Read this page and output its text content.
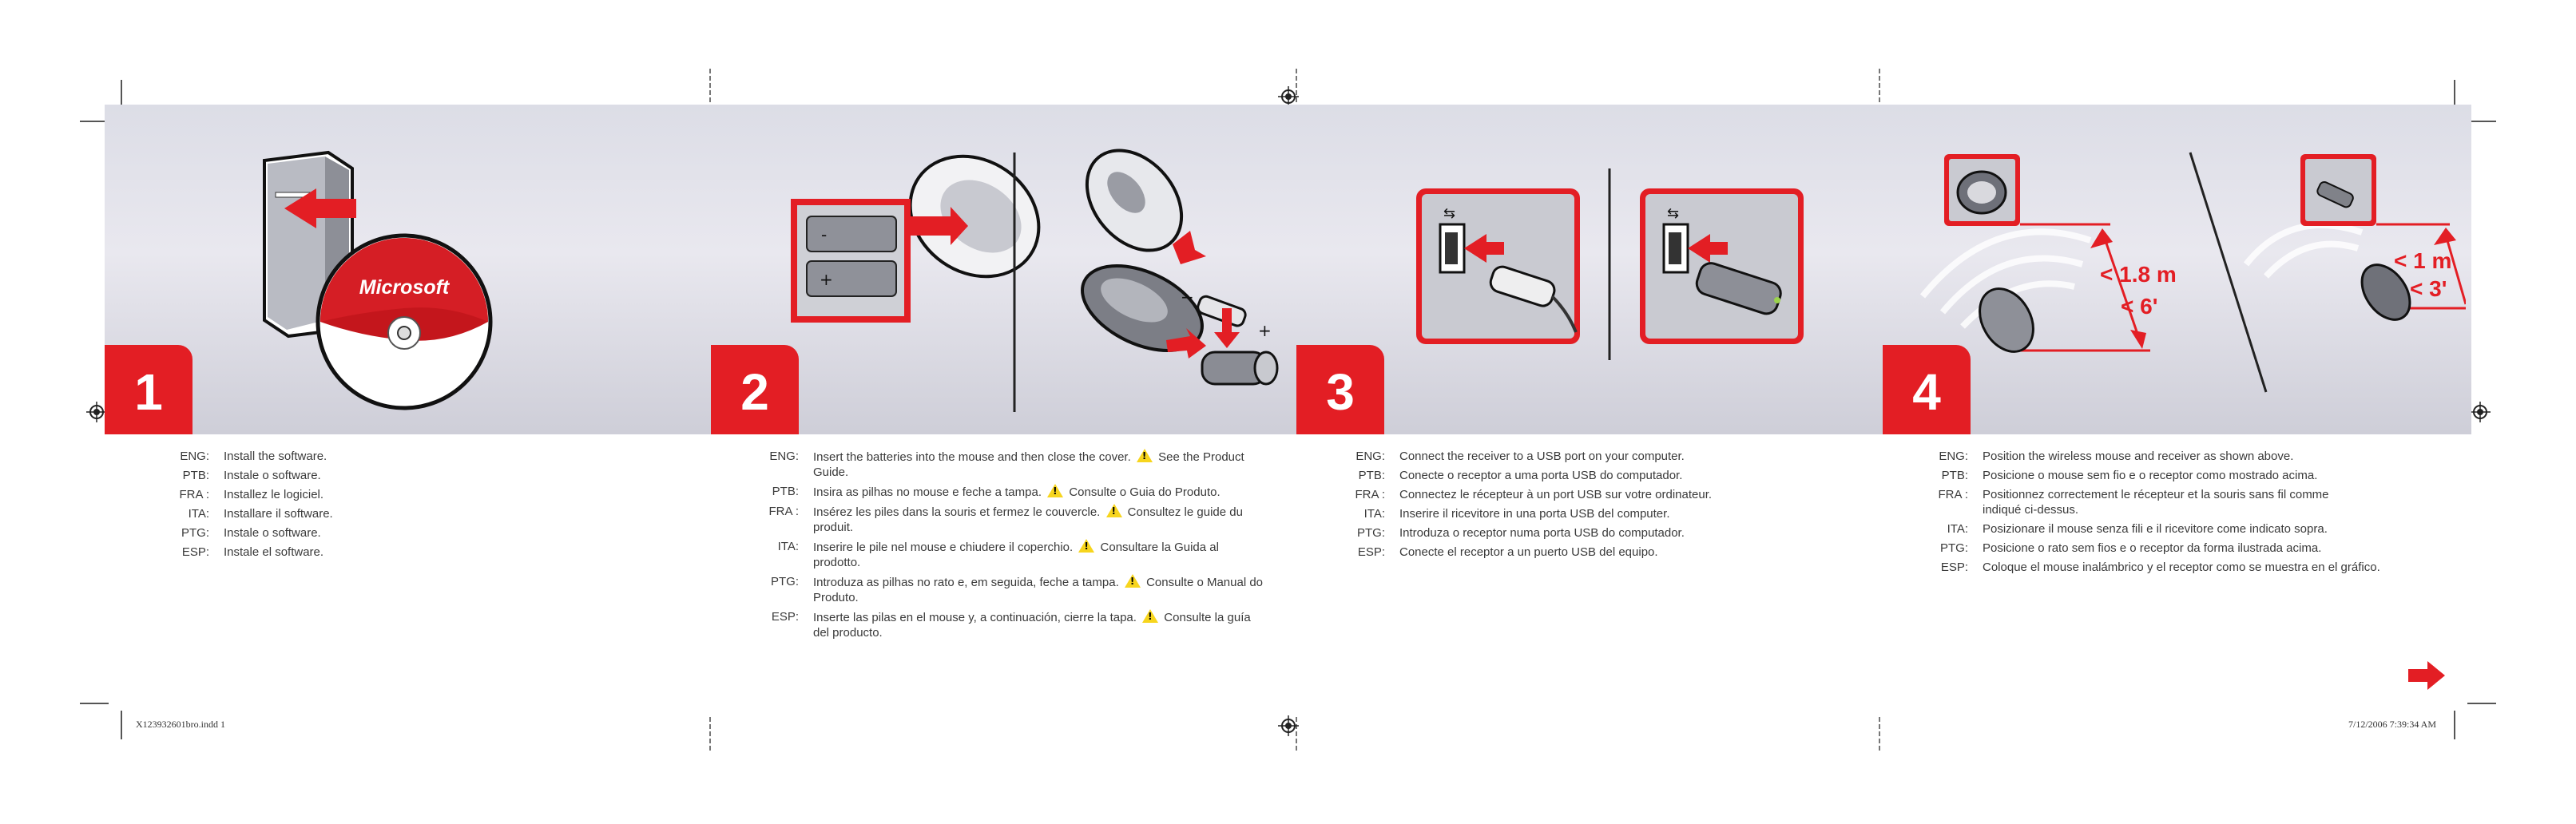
1
Microsoft
2
-
+
−
+
3
⇆	⇆
4
< 1.8 m
< 6'
< 1 m
< 3'
ENG:	Install the software.
PTB:	Instale o software.
FRA :	Installez le logiciel.
ITA:	Installare il software.
PTG:	Instale o software.
ESP:	Instale el software.
ENG:	Insert the batteries into the mouse and then close the cover. ! See the Product Guide.
PTB:	Insira as pilhas no mouse e feche a tampa. ! Consulte o Guia do Produto.
FRA :	Insérez les piles dans la souris et fermez le couvercle. ! Consultez le guide du produit.
ITA:	Inserire le pile nel mouse e chiudere il coperchio. ! Consultare la Guida al prodotto.
PTG:	Introduza as pilhas no rato e, em seguida, feche a tampa. ! Consulte o Manual do Produto.
ESP:	Inserte las pilas en el mouse y, a continuación, cierre la tapa. ! Consulte la guía del producto.
ENG:	Connect the receiver to a USB port on your computer.
PTB:	Conecte o receptor a uma porta USB do computador.
FRA :	Connectez le récepteur à un port USB sur votre ordinateur.
ITA:	Inserire il ricevitore in una porta USB del computer.
PTG:	Introduza o receptor numa porta USB do computador.
ESP:	Conecte el receptor a un puerto USB del equipo.
ENG:	Position the wireless mouse and receiver as shown above.
PTB:	Posicione o mouse sem fio e o receptor como mostrado acima.
FRA :	Positionnez correctement le récepteur et la souris sans fil comme indiqué ci-dessus.
ITA:	Posizionare il mouse senza fili e il ricevitore come indicato sopra.
PTG:	Posicione o rato sem fios e o receptor da forma ilustrada acima.
ESP:	Coloque el mouse inalámbrico y el receptor como se muestra en el gráfico.
X123932601bro.indd 1	7/12/2006 7:39:34 AM
